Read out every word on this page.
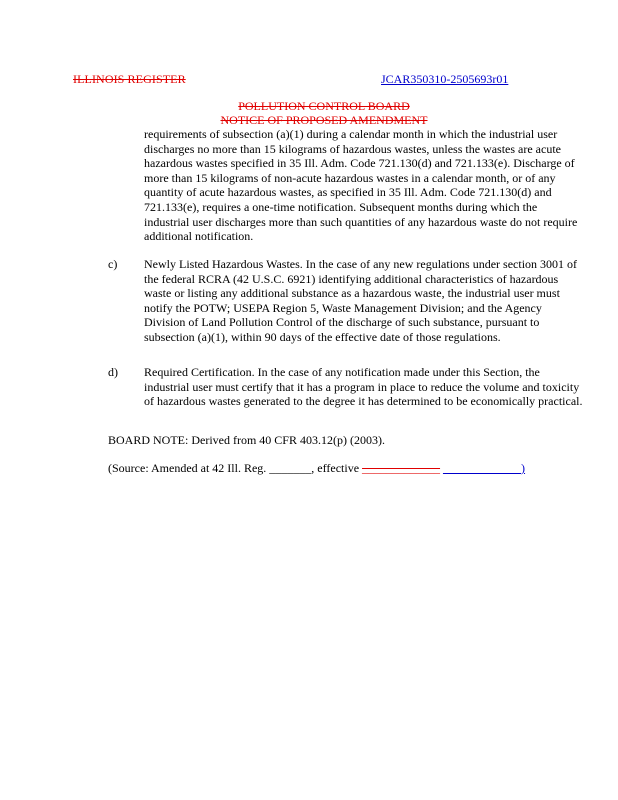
ILLINOIS REGISTER	JCAR350310-2505693r01
POLLUTION CONTROL BOARD
NOTICE OF PROPOSED AMENDMENT
requirements of subsection (a)(1) during a calendar month in which the industrial user discharges no more than 15 kilograms of hazardous wastes, unless the wastes are acute hazardous wastes specified in 35 Ill. Adm. Code 721.130(d) and 721.133(e). Discharge of more than 15 kilograms of non-acute hazardous wastes in a calendar month, or of any quantity of acute hazardous wastes, as specified in 35 Ill. Adm. Code 721.130(d) and 721.133(e), requires a one-time notification. Subsequent months during which the industrial user discharges more than such quantities of any hazardous waste do not require additional notification.
c) Newly Listed Hazardous Wastes. In the case of any new regulations under section 3001 of the federal RCRA (42 U.S.C. 6921) identifying additional characteristics of hazardous waste or listing any additional substance as a hazardous waste, the industrial user must notify the POTW; USEPA Region 5, Waste Management Division; and the Agency Division of Land Pollution Control of the discharge of such substance, pursuant to subsection (a)(1), within 90 days of the effective date of those regulations.
d) Required Certification. In the case of any notification made under this Section, the industrial user must certify that it has a program in place to reduce the volume and toxicity of hazardous wastes generated to the degree it has determined to be economically practical.
BOARD NOTE: Derived from 40 CFR 403.12(p) (2003).
(Source: Amended at 42 Ill. Reg. _______, effective _____________ _____________)
